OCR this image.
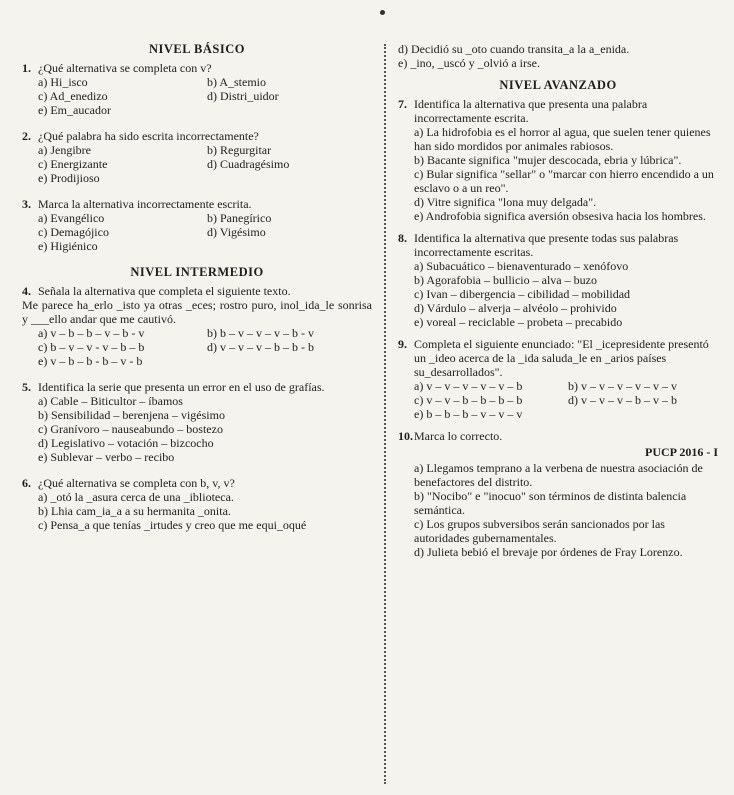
NIVEL BÁSICO
1. ¿Qué alternativa se completa con v?
a) Hi_isco	b) A_stemio
c) Ad_enedizo	d) Distri_uidor
e) Em_aucador
2. ¿Qué palabra ha sido escrita incorrectamente?
a) Jengibre	b) Regurgitar
c) Energizante	d) Cuadragésimo
e) Prodijioso
3. Marca la alternativa incorrectamente escrita.
a) Evangélico	b) Panegírico
c) Demagójico	d) Vigésimo
e) Higiénico
NIVEL INTERMEDIO
4. Señala la alternativa que completa el siguiente texto.
Me parece ha_erlo _isto ya otras _eces; rostro puro, inol_ida_le sonrisa y ___ello andar que me cautivó.
a) v – b – b – v – b - v	b) b – v – v – v – b - v
c) b – v – v - v – b – b	d) v – v – v – b – b - b
e) v – b – b - b – v - b
5. Identifica la serie que presenta un error en el uso de grafías.
a) Cable – Biticultor – íbamos
b) Sensibilidad – berenjena – vigésimo
c) Granívoro – nauseabundo – bostezo
d) Legislativo – votación – bizcocho
e) Sublevar – verbo – recibo
6. ¿Qué alternativa se completa con b, v, v?
a) _otó la _asura cerca de una _iblioteca.
b) Lhia cam_ia_a a su hermanita _onita.
c) Pensa_a que tenías _irtudes y creo que me equi_oqué
d) Decidió su _oto cuando transita_a la a_enida.
e) _ino, _uscó y _olvió a irse.
NIVEL AVANZADO
7. Identifica la alternativa que presenta una palabra incorrectamente escrita.
a) La hidrofobia es el horror al agua, que suelen tener quienes han sido mordidos por animales rabiosos.
b) Bacante significa "mujer descocada, ebria y lúbrica".
c) Bular significa "sellar" o "marcar con hierro encendido a un esclavo o a un reo".
d) Vitre significa "lona muy delgada".
e) Androfobia significa aversión obsesiva hacia los hombres.
8. Identifica la alternativa que presente todas sus palabras incorrectamente escritas.
a) Subacuático – bienaventurado – xenófovo
b) Agorafobia – bullicio – alva – buzo
c) Ivan – dibergencia – cibilidad – mobilidad
d) Várdulo – alverja – alvéolo – prohivido
e) voreal – reciclable – probeta – precabido
9. Completa el siguiente enunciado: "El _icepresidente presentó un _ideo acerca de la _ida saluda_le en _arios países su_desarrollados".
a) v – v – v – v – v – b	b) v – v – v – v – v – v
c) v – v – b – b – b – b	d) v – v – v – b – v – b
e) b – b – b – v – v – v
10. Marca lo correcto.
PUCP 2016 - I
a) Llegamos temprano a la verbena de nuestra asociación de benefactores del distrito.
b) "Nocibo" e "inocuo" son términos de distinta balencia semántica.
c) Los grupos subversibos serán sancionados por las autoridades gubernamentales.
d) Julieta bebió el brevaje por órdenes de Fray Lorenzo.
